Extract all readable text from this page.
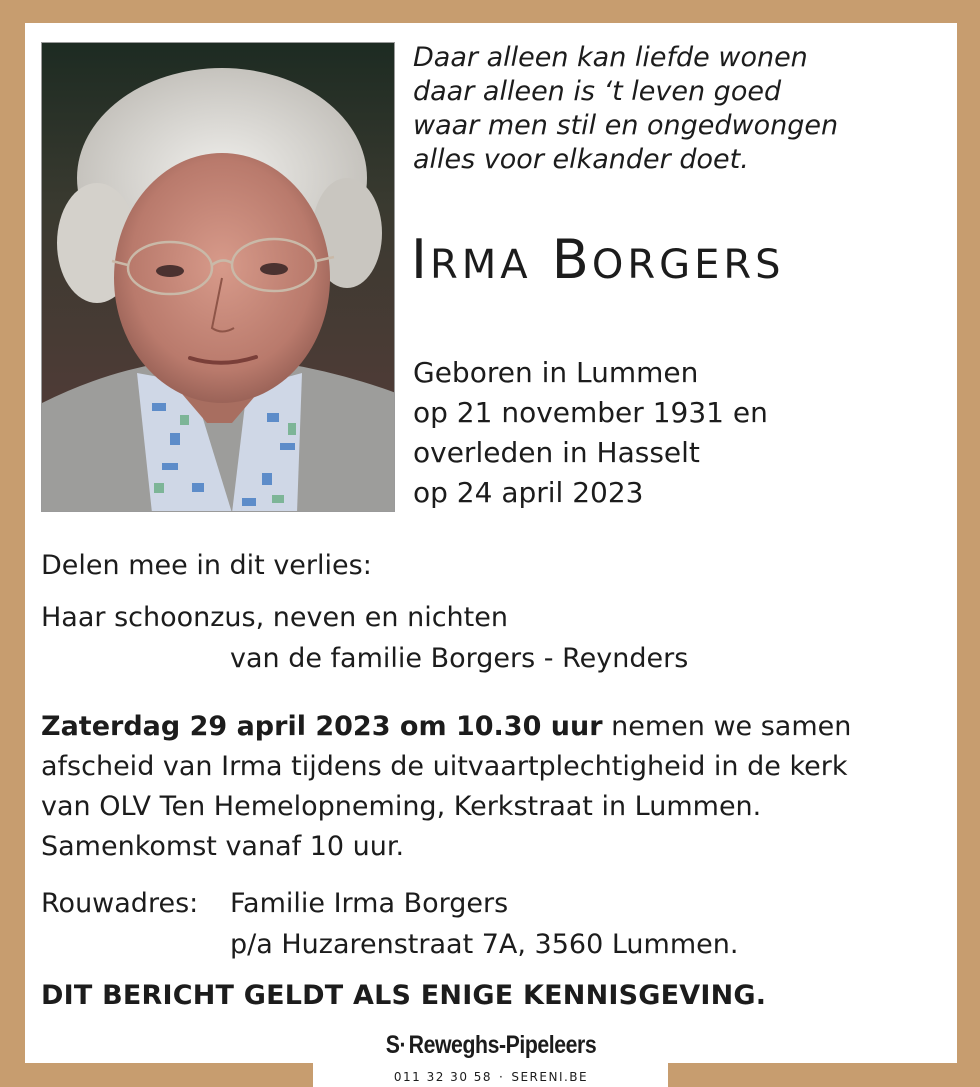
Daar alleen kan liefde wonen
daar alleen is ‘t leven goed
waar men stil en ongedwongen
alles voor elkander doet.
IRMA BORGERS
Geboren in Lummen
op 21 november 1931 en
overleden in Hasselt
op 24 april 2023
Delen mee in dit verlies:
Haar schoonzus, neven en nichten
van de familie Borgers - Reynders
Zaterdag 29 april 2023 om 10.30 uur nemen we samen
afscheid van Irma tijdens de uitvaartplechtigheid in de kerk
van OLV Ten Hemelopneming, Kerkstraat in Lummen.
Samenkomst vanaf 10 uur.
Rouwadres: Familie Irma Borgers
p/a Huzarenstraat 7A, 3560 Lummen.
DIT BERICHT GELDT ALS ENIGE KENNISGEVING.
S· Reweghs-Pipeleers
011 32 30 58 · SERENI.BE
